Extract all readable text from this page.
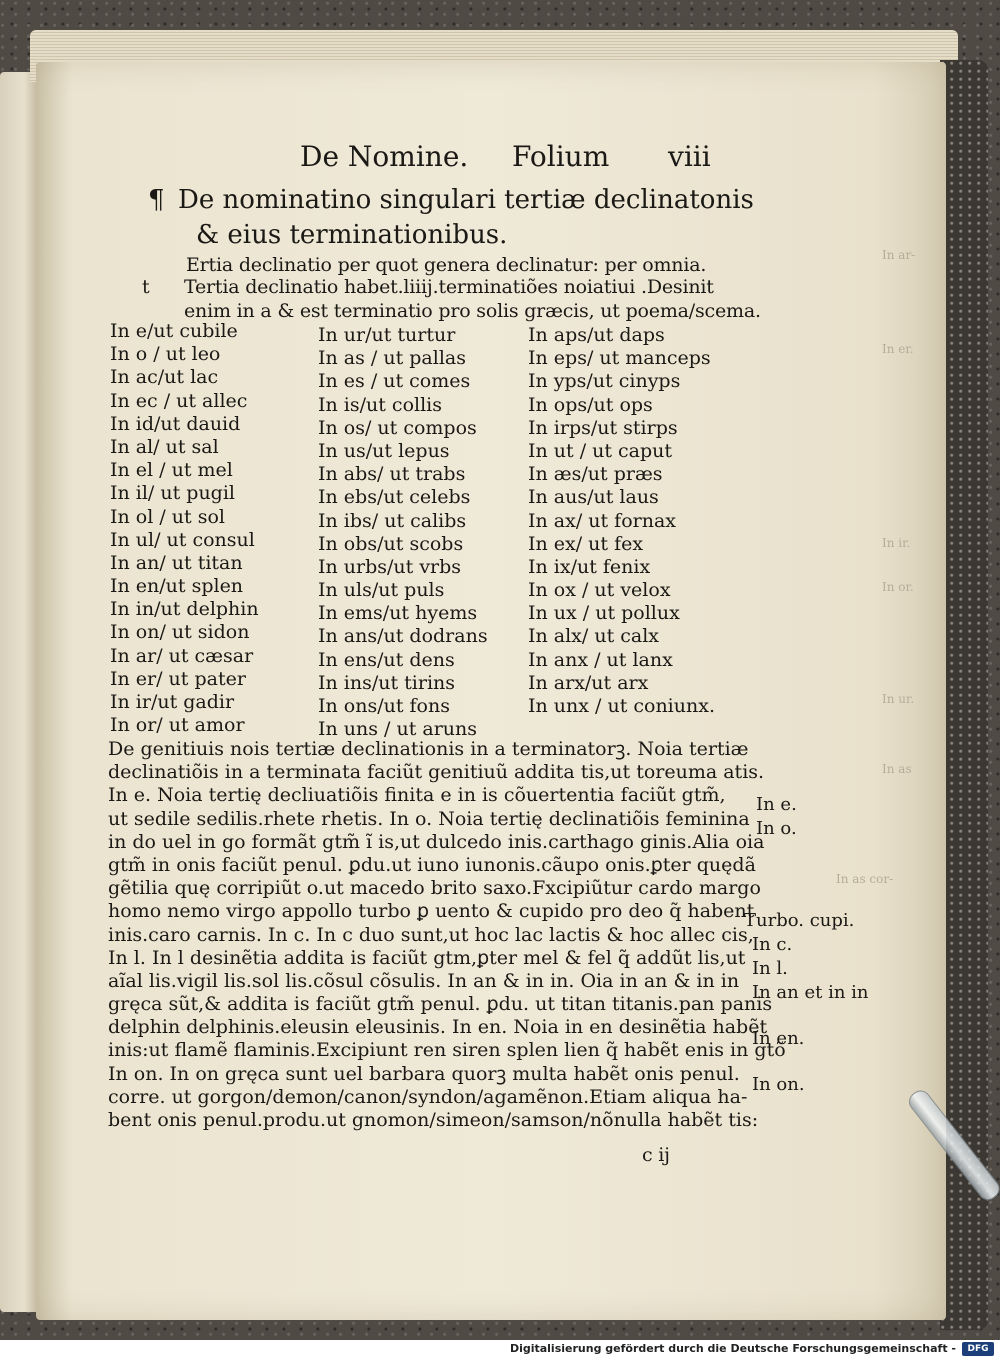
De Nomine. Folium viii
¶ De nominatino singulari tertiæ declinatonis
& eius terminationibus.
Ertia declinatio per quot genera declinatur: per omnia.
t Tertia declinatio habet.liiij.terminatiões noiatiui .Desinit
enim in a & est terminatio pro solis græcis, ut poema/scema.
In e/ut cubile
In o / ut leo
In ac/ut lac
In ec / ut allec
In id/ut dauid
In al/ ut sal
In el / ut mel
In il/ ut pugil
In ol / ut sol
In ul/ ut consul
In an/ ut titan
In en/ut splen
In in/ut delphin
In on/ ut sidon
In ar/ ut cæsar
In er/ ut pater
In ir/ut gadir
In or/ ut amor
In ur/ut turtur
In as / ut pallas
In es / ut comes
In is/ut collis
In os/ ut compos
In us/ut lepus
In abs/ ut trabs
In ebs/ut celebs
In ibs/ ut calibs
In obs/ut scobs
In urbs/ut vrbs
In uls/ut puls
In ems/ut hyems
In ans/ut dodrans
In ens/ut dens
In ins/ut tirins
In ons/ut fons
In uns / ut aruns
In aps/ut daps
In eps/ ut manceps
In yps/ut cinyps
In ops/ut ops
In irps/ut stirps
In ut / ut caput
In æs/ut præs
In aus/ut laus
In ax/ ut fornax
In ex/ ut fex
In ix/ut fenix
In ox / ut velox
In ux / ut pollux
In alx/ ut calx
In anx / ut lanx
In arx/ut arx
In unx / ut coniunx.
De genitiuis nois tertiæ declinationis in a terminatorꝫ. Noia tertiæ
declinatiõis in a terminata faciũt genitiuũ addita tis,ut toreuma atis.
In e. Noia tertię decliuatiõis finita e in is cõuertentia faciũt gtm̃,
ut sedile sedilis.rhete rhetis. In o. Noia tertię declinatiõis feminina
in do uel in go formãt gtm̃ ĩ is,ut dulcedo inis.carthago ginis.Alia oia
gtm̃ in onis faciũt penul. ꝑdu.ut iuno iunonis.cãupo onis.ꝑter quędã
gẽtilia quę corripiũt o.ut macedo brito saxo.Fxcipiũtur cardo margo
homo nemo virgo appollo turbo ꝑ uento & cupido pro deo q̃ habent
inis.caro carnis. In c. In c duo sunt,ut hoc lac lactis & hoc allec cis,
In l. In l desinẽtia addita is faciũt gtm,ꝑter mel & fel q̃ addũt lis,ut
aĩal lis.vigil lis.sol lis.cõsul cõsulis. In an & in in. Oia in an & in in
gręca sũt,& addita is faciũt gtm̃ penul. ꝑdu. ut titan titanis.pan panis
delphin delphinis.eleusin eleusinis. In en. Noia in en desinẽtia habẽt
inis:ut flamẽ flaminis.Excipiunt ren siren splen lien q̃ habẽt enis in gtõ
In on. In on gręca sunt uel barbara quorꝫ multa habẽt onis penul.
corre. ut gorgon/demon/canon/syndon/agamẽnon.Etiam aliqua ha-
bent onis penul.produ.ut gnomon/simeon/samson/nõnulla habẽt tis:
In e.
In o.
Turbo. cupi.
In c.
In l.
In an et in in
In en.
In on.
In ar-
In er.
In ir.
In or.
In ur.
In as
In as cor-
c ij
Digitalisierung gefördert durch die Deutsche Forschungsgemeinschaft -	DFG
